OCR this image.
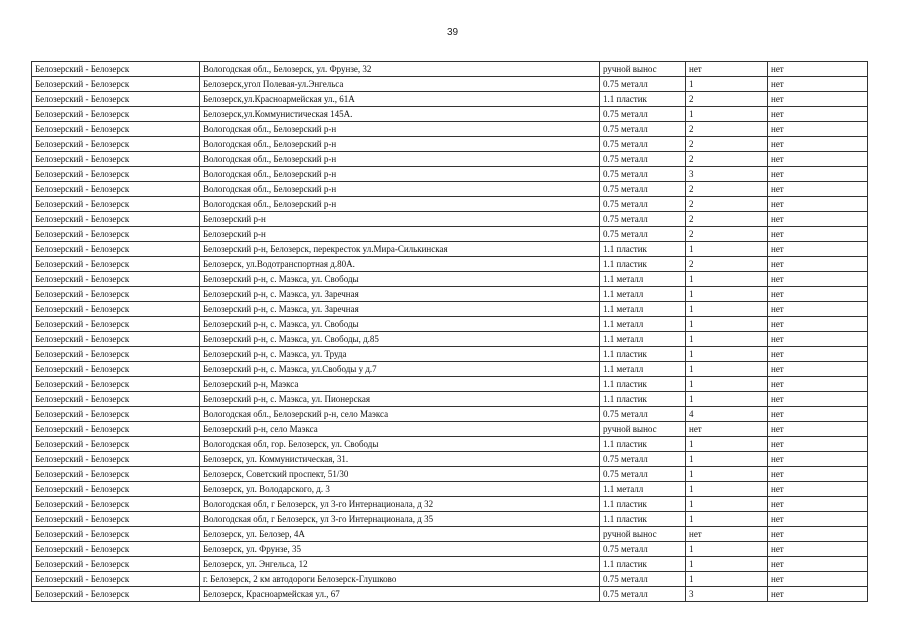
39
Белозерский - Белозерск	Вологодская обл., Белозерск, ул. Фрунзе, 32	ручной вынос	нет	нет
Белозерский - Белозерск	Белозерск,угол Полевая-ул.Энгельса	0.75 металл	1	нет
Белозерский - Белозерск	Белозерск,ул.Красноармейская ул., 61А	1.1 пластик	2	нет
Белозерский - Белозерск	Белозерск,ул.Коммунистическая 145А.	0.75 металл	1	нет
Белозерский - Белозерск	Вологодская обл., Белозерский р-н	0.75 металл	2	нет
Белозерский - Белозерск	Вологодская обл., Белозерский р-н	0.75 металл	2	нет
Белозерский - Белозерск	Вологодская обл., Белозерский р-н	0.75 металл	2	нет
Белозерский - Белозерск	Вологодская обл., Белозерский р-н	0.75 металл	3	нет
Белозерский - Белозерск	Вологодская обл., Белозерский р-н	0.75 металл	2	нет
Белозерский - Белозерск	Вологодская обл., Белозерский р-н	0.75 металл	2	нет
Белозерский - Белозерск	Белозерский р-н	0.75 металл	2	нет
Белозерский - Белозерск	Белозерский р-н	0.75 металл	2	нет
Белозерский - Белозерск	Белозерский р-н, Белозерск, перекресток ул.Мира-Силькинская	1.1 пластик	1	нет
Белозерский - Белозерск	Белозерск, ул.Водотранспортная д.80А.	1.1 пластик	2	нет
Белозерский - Белозерск	Белозерский р-н, с. Маэкса, ул. Свободы	1.1 металл	1	нет
Белозерский - Белозерск	Белозерский р-н, с. Маэкса, ул. Заречная	1.1 металл	1	нет
Белозерский - Белозерск	Белозерский р-н, с. Маэкса, ул. Заречная	1.1 металл	1	нет
Белозерский - Белозерск	Белозерский р-н, с. Маэкса, ул. Свободы	1.1 металл	1	нет
Белозерский - Белозерск	Белозерский р-н, с. Маэкса, ул. Свободы, д.85	1.1 металл	1	нет
Белозерский - Белозерск	Белозерский р-н, с. Маэкса, ул. Труда	1.1 пластик	1	нет
Белозерский - Белозерск	Белозерский р-н, с. Маэкса, ул.Свободы у д.7	1.1 металл	1	нет
Белозерский - Белозерск	Белозерский р-н, Маэкса	1.1 пластик	1	нет
Белозерский - Белозерск	Белозерский р-н, с. Маэкса, ул. Пионерская	1.1 пластик	1	нет
Белозерский - Белозерск	Вологодская обл., Белозерский р-н, село Маэкса	0.75 металл	4	нет
Белозерский - Белозерск	Белозерский р-н, село Маэкса	ручной вынос	нет	нет
Белозерский - Белозерск	Вологодская обл, гор. Белозерск, ул. Свободы	1.1 пластик	1	нет
Белозерский - Белозерск	Белозерск, ул. Коммунистическая, 31.	0.75 металл	1	нет
Белозерский - Белозерск	Белозерск, Советский проспект, 51/30	0.75 металл	1	нет
Белозерский - Белозерск	Белозерск, ул. Володарского, д. 3	1.1 металл	1	нет
Белозерский - Белозерск	Вологодская обл, г Белозерск, ул 3-го Интернационала, д 32	1.1 пластик	1	нет
Белозерский - Белозерск	Вологодская обл, г Белозерск, ул 3-го Интернационала, д 35	1.1 пластик	1	нет
Белозерский - Белозерск	Белозерск, ул. Белозер, 4А	ручной вынос	нет	нет
Белозерский - Белозерск	Белозерск, ул. Фрунзе, 35	0.75 металл	1	нет
Белозерский - Белозерск	Белозерск, ул. Энгельса, 12	1.1 пластик	1	нет
Белозерский - Белозерск	г. Белозерск, 2 км автодороги Белозерск-Глушково	0.75 металл	1	нет
Белозерский - Белозерск	Белозерск, Красноармейская ул., 67	0.75 металл	3	нет
